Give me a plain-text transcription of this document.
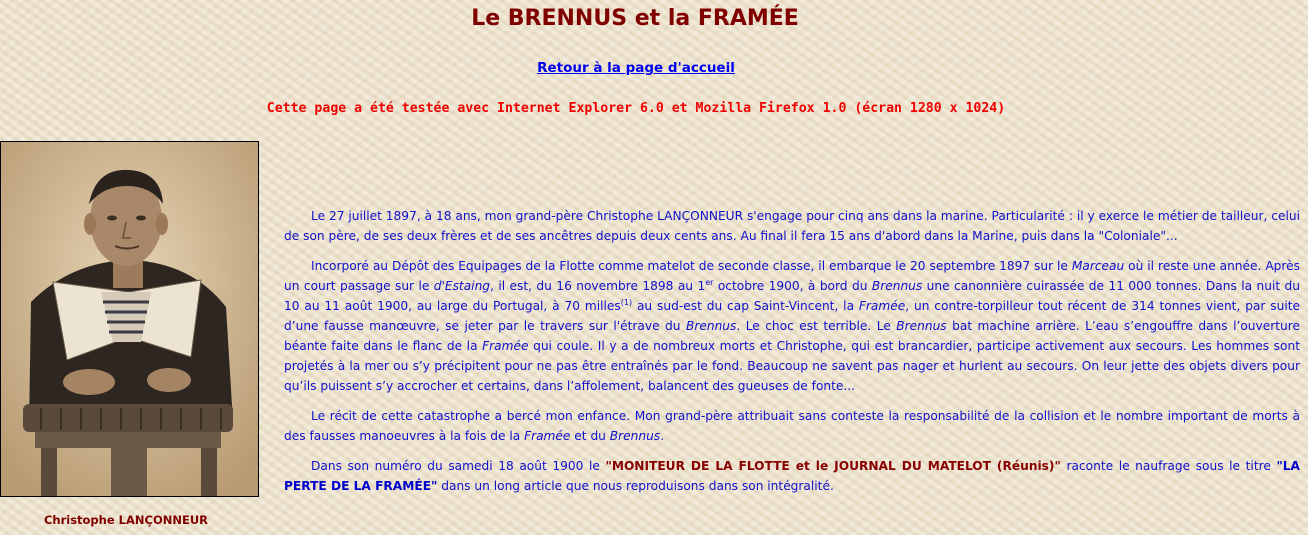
Le BRENNUS et la FRAMÉE
Retour à la page d'accueil
Cette page a été testée avec Internet Explorer 6.0 et Mozilla Firefox 1.0 (écran 1280 x 1024)
Christophe LANÇONNEUR

Le 27 juillet 1897, à 18 ans, mon grand-père Christophe LANÇONNEUR s'engage pour cinq ans dans la marine. Particularité : il y exerce le métier de tailleur, celui de son père, de ses deux frères et de ses ancêtres depuis deux cents ans. Au final il fera 15 ans d'abord dans la Marine, puis dans la "Coloniale"...

Incorporé au Dépôt des Equipages de la Flotte comme matelot de seconde classe, il embarque le 20 septembre 1897 sur le Marceau où il reste une année. Après un court passage sur le d'Estaing, il est, du 16 novembre 1898 au 1er octobre 1900, à bord du Brennus une canonnière cuirassée de 11 000 tonnes. Dans la nuit du 10 au 11 août 1900, au large du Portugal, à 70 milles$^{(1)}$ au sud-est du cap Saint-Vincent, la Framée, un contre-torpilleur tout récent de 314 tonnes vient, par suite d’une fausse manœuvre, se jeter par le travers sur l'étrave du Brennus. Le choc est terrible. Le Brennus bat machine arrière. L’eau s’engouffre dans l’ouverture béante faite dans le flanc de la Framée qui coule. Il y a de nombreux morts et Christophe, qui est brancardier, participe activement aux secours. Les hommes sont projetés à la mer ou s’y précipitent pour ne pas être entraînés par le fond. Beaucoup ne savent pas nager et hurlent au secours. On leur jette des objets divers pour qu’ils puissent s’y accrocher et certains, dans l’affolement, balancent des gueuses de fonte...

Le récit de cette catastrophe a bercé mon enfance. Mon grand-père attribuait sans conteste la responsabilité de la collision et le nombre important de morts à des fausses manoeuvres à la fois de la Framée et du Brennus.

Dans son numéro du samedi 18 août 1900 le "MONITEUR DE LA FLOTTE et le JOURNAL DU MATELOT (Réunis)" raconte le naufrage sous le titre "LA PERTE DE LA FRAMÉE" dans un long article que nous reproduisons dans son intégralité.
